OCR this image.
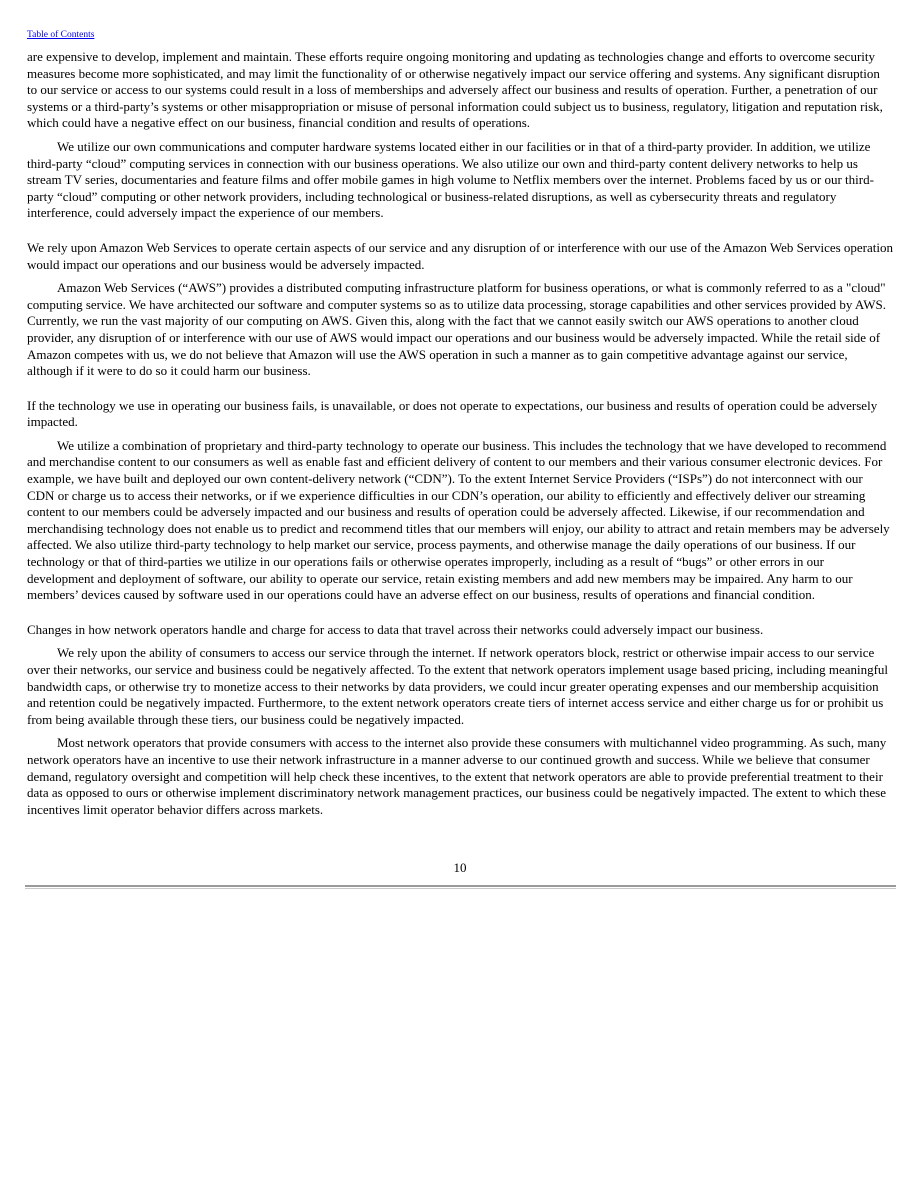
Table of Contents

are expensive to develop, implement and maintain. These efforts require ongoing monitoring and updating as technologies change and efforts to overcome security measures become more sophisticated, and may limit the functionality of or otherwise negatively impact our service offering and systems. Any significant disruption to our service or access to our systems could result in a loss of memberships and adversely affect our business and results of operation. Further, a penetration of our systems or a third-party’s systems or other misappropriation or misuse of personal information could subject us to business, regulatory, litigation and reputation risk, which could have a negative effect on our business, financial condition and results of operations.

We utilize our own communications and computer hardware systems located either in our facilities or in that of a third-party provider. In addition, we utilize third-party “cloud” computing services in connection with our business operations. We also utilize our own and third-party content delivery networks to help us stream TV series, documentaries and feature films and offer mobile games in high volume to Netflix members over the internet. Problems faced by us or our third-party “cloud” computing or other network providers, including technological or business-related disruptions, as well as cybersecurity threats and regulatory interference, could adversely impact the experience of our members.

We rely upon Amazon Web Services to operate certain aspects of our service and any disruption of or interference with our use of the Amazon Web Services operation would impact our operations and our business would be adversely impacted.

Amazon Web Services (“AWS”) provides a distributed computing infrastructure platform for business operations, or what is commonly referred to as a "cloud" computing service. We have architected our software and computer systems so as to utilize data processing, storage capabilities and other services provided by AWS. Currently, we run the vast majority of our computing on AWS. Given this, along with the fact that we cannot easily switch our AWS operations to another cloud provider, any disruption of or interference with our use of AWS would impact our operations and our business would be adversely impacted. While the retail side of Amazon competes with us, we do not believe that Amazon will use the AWS operation in such a manner as to gain competitive advantage against our service, although if it were to do so it could harm our business.

If the technology we use in operating our business fails, is unavailable, or does not operate to expectations, our business and results of operation could be adversely impacted.

We utilize a combination of proprietary and third-party technology to operate our business. This includes the technology that we have developed to recommend and merchandise content to our consumers as well as enable fast and efficient delivery of content to our members and their various consumer electronic devices. For example, we have built and deployed our own content-delivery network (“CDN”). To the extent Internet Service Providers (“ISPs”) do not interconnect with our CDN or charge us to access their networks, or if we experience difficulties in our CDN’s operation, our ability to efficiently and effectively deliver our streaming content to our members could be adversely impacted and our business and results of operation could be adversely affected. Likewise, if our recommendation and merchandising technology does not enable us to predict and recommend titles that our members will enjoy, our ability to attract and retain members may be adversely affected. We also utilize third-party technology to help market our service, process payments, and otherwise manage the daily operations of our business. If our technology or that of third-parties we utilize in our operations fails or otherwise operates improperly, including as a result of “bugs” or other errors in our development and deployment of software, our ability to operate our service, retain existing members and add new members may be impaired. Any harm to our members’ devices caused by software used in our operations could have an adverse effect on our business, results of operations and financial condition.

Changes in how network operators handle and charge for access to data that travel across their networks could adversely impact our business.

We rely upon the ability of consumers to access our service through the internet. If network operators block, restrict or otherwise impair access to our service over their networks, our service and business could be negatively affected. To the extent that network operators implement usage based pricing, including meaningful bandwidth caps, or otherwise try to monetize access to their networks by data providers, we could incur greater operating expenses and our membership acquisition and retention could be negatively impacted. Furthermore, to the extent network operators create tiers of internet access service and either charge us for or prohibit us from being available through these tiers, our business could be negatively impacted.

Most network operators that provide consumers with access to the internet also provide these consumers with multichannel video programming. As such, many network operators have an incentive to use their network infrastructure in a manner adverse to our continued growth and success. While we believe that consumer demand, regulatory oversight and competition will help check these incentives, to the extent that network operators are able to provide preferential treatment to their data as opposed to ours or otherwise implement discriminatory network management practices, our business could be negatively impacted. The extent to which these incentives limit operator behavior differs across markets.

10
